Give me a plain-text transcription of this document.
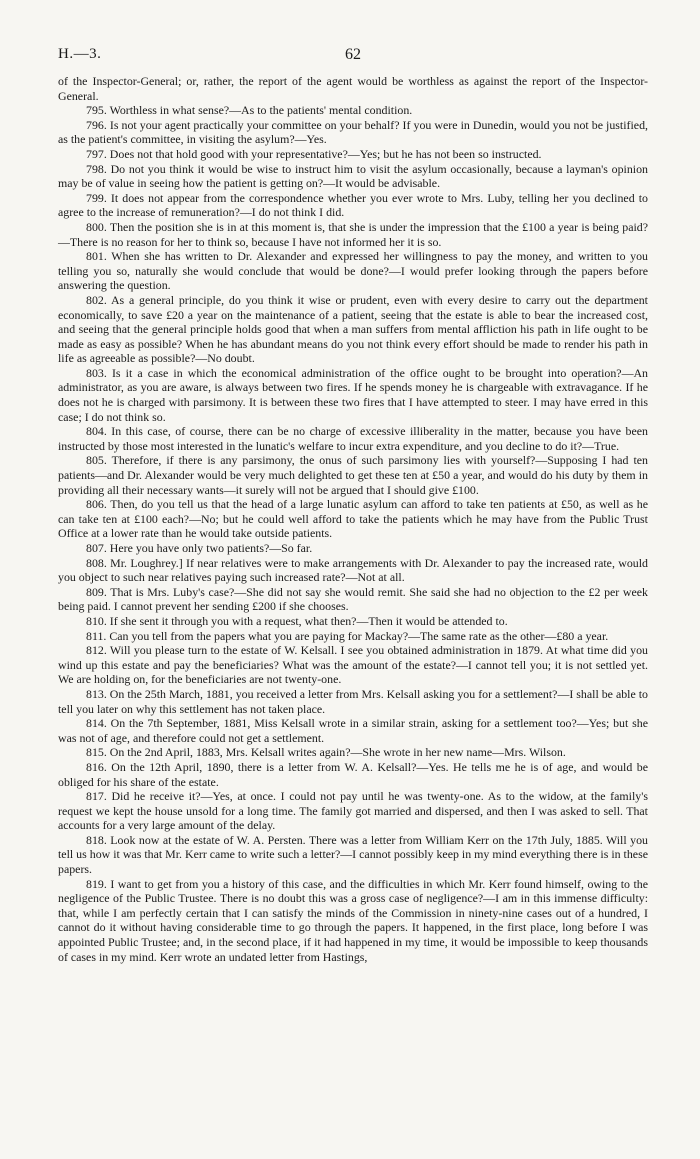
H.—3.	62

of the Inspector-General; or, rather, the report of the agent would be worthless as against the report of the Inspector-General.

795. Worthless in what sense?—As to the patients' mental condition.

796. Is not your agent practically your committee on your behalf? If you were in Dunedin, would you not be justified, as the patient's committee, in visiting the asylum?—Yes.

797. Does not that hold good with your representative?—Yes; but he has not been so instructed.

798. Do not you think it would be wise to instruct him to visit the asylum occasionally, because a layman's opinion may be of value in seeing how the patient is getting on?—It would be advisable.

799. It does not appear from the correspondence whether you ever wrote to Mrs. Luby, telling her you declined to agree to the increase of remuneration?—I do not think I did.

800. Then the position she is in at this moment is, that she is under the impression that the £100 a year is being paid?—There is no reason for her to think so, because I have not informed her it is so.

801. When she has written to Dr. Alexander and expressed her willingness to pay the money, and written to you telling you so, naturally she would conclude that would be done?—I would prefer looking through the papers before answering the question.

802. As a general principle, do you think it wise or prudent, even with every desire to carry out the department economically, to save £20 a year on the maintenance of a patient, seeing that the estate is able to bear the increased cost, and seeing that the general principle holds good that when a man suffers from mental affliction his path in life ought to be made as easy as possible? When he has abundant means do you not think every effort should be made to render his path in life as agreeable as possible?—No doubt.

803. Is it a case in which the economical administration of the office ought to be brought into operation?—An administrator, as you are aware, is always between two fires. If he spends money he is chargeable with extravagance. If he does not he is charged with parsimony. It is between these two fires that I have attempted to steer. I may have erred in this case; I do not think so.

804. In this case, of course, there can be no charge of excessive illiberality in the matter, because you have been instructed by those most interested in the lunatic's welfare to incur extra expenditure, and you decline to do it?—True.

805. Therefore, if there is any parsimony, the onus of such parsimony lies with yourself?—Supposing I had ten patients—and Dr. Alexander would be very much delighted to get these ten at £50 a year, and would do his duty by them in providing all their necessary wants—it surely will not be argued that I should give £100.

806. Then, do you tell us that the head of a large lunatic asylum can afford to take ten patients at £50, as well as he can take ten at £100 each?—No; but he could well afford to take the patients which he may have from the Public Trust Office at a lower rate than he would take outside patients.

807. Here you have only two patients?—So far.

808. Mr. Loughrey.] If near relatives were to make arrangements with Dr. Alexander to pay the increased rate, would you object to such near relatives paying such increased rate?—Not at all.

809. That is Mrs. Luby's case?—She did not say she would remit. She said she had no objection to the £2 per week being paid. I cannot prevent her sending £200 if she chooses.

810. If she sent it through you with a request, what then?—Then it would be attended to.

811. Can you tell from the papers what you are paying for Mackay?—The same rate as the other—£80 a year.

812. Will you please turn to the estate of W. Kelsall. I see you obtained administration in 1879. At what time did you wind up this estate and pay the beneficiaries? What was the amount of the estate?—I cannot tell you; it is not settled yet. We are holding on, for the beneficiaries are not twenty-one.

813. On the 25th March, 1881, you received a letter from Mrs. Kelsall asking you for a settlement?—I shall be able to tell you later on why this settlement has not taken place.

814. On the 7th September, 1881, Miss Kelsall wrote in a similar strain, asking for a settlement too?—Yes; but she was not of age, and therefore could not get a settlement.

815. On the 2nd April, 1883, Mrs. Kelsall writes again?—She wrote in her new name—Mrs. Wilson.

816. On the 12th April, 1890, there is a letter from W. A. Kelsall?—Yes. He tells me he is of age, and would be obliged for his share of the estate.

817. Did he receive it?—Yes, at once. I could not pay until he was twenty-one. As to the widow, at the family's request we kept the house unsold for a long time. The family got married and dispersed, and then I was asked to sell. That accounts for a very large amount of the delay.

818. Look now at the estate of W. A. Persten. There was a letter from William Kerr on the 17th July, 1885. Will you tell us how it was that Mr. Kerr came to write such a letter?—I cannot possibly keep in my mind everything there is in these papers.

819. I want to get from you a history of this case, and the difficulties in which Mr. Kerr found himself, owing to the negligence of the Public Trustee. There is no doubt this was a gross case of negligence?—I am in this immense difficulty: that, while I am perfectly certain that I can satisfy the minds of the Commission in ninety-nine cases out of a hundred, I cannot do it without having considerable time to go through the papers. It happened, in the first place, long before I was appointed Public Trustee; and, in the second place, if it had happened in my time, it would be impossible to keep thousands of cases in my mind. Kerr wrote an undated letter from Hastings,
